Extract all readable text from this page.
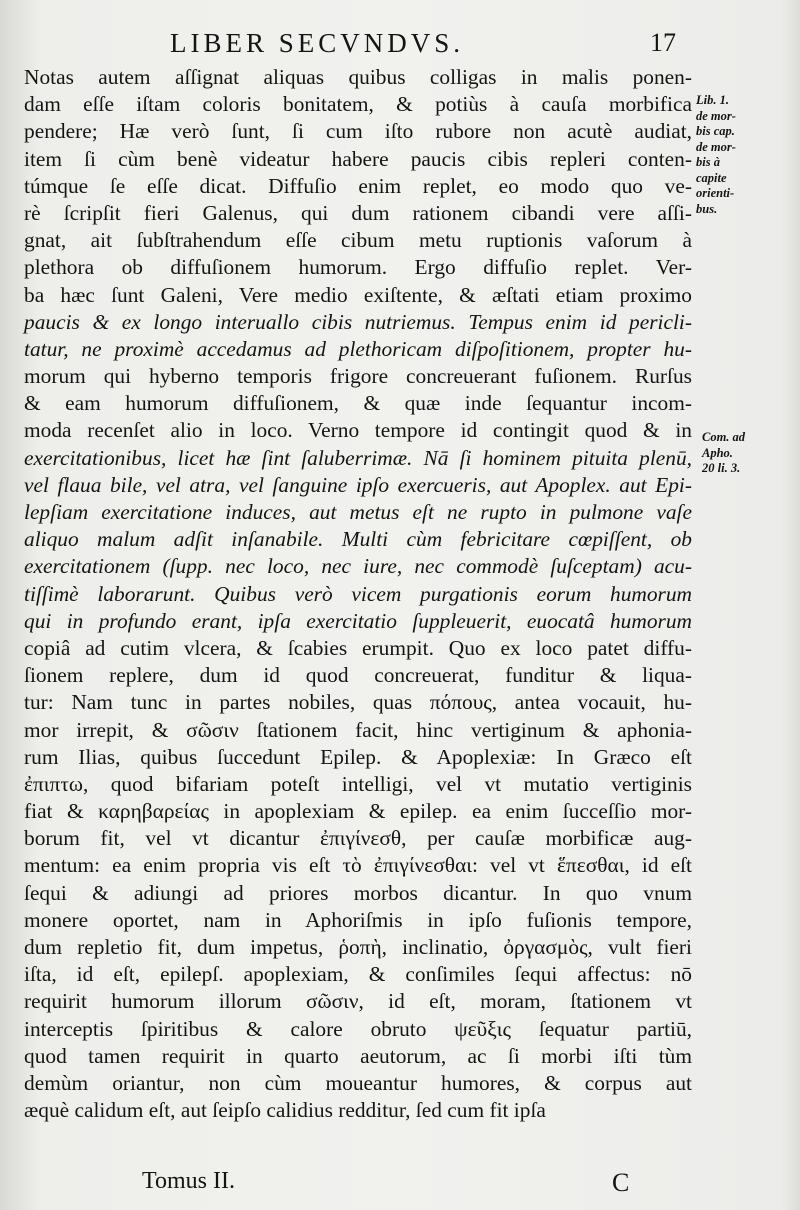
LIBER SECVNDVS.	17
Notas autem aſſignat aliquas quibus colligas in malis ponen-
dam eſſe iſtam coloris bonitatem, & potiùs à cauſa morbifica
pendere; Hæ verò ſunt, ſi cum iſto rubore non acutè audiat,
item ſi cùm benè videatur habere paucis cibis repleri conten-
túmque ſe eſſe dicat. Diffuſio enim replet, eo modo quo ve-
rè ſcripſit fieri Galenus, qui dum rationem cibandi vere aſſi-
gnat, ait ſubſtrahendum eſſe cibum metu ruptionis vaſorum à
plethora ob diffuſionem humorum. Ergo diffuſio replet. Ver-
ba hæc ſunt Galeni, Vere medio exiſtente, & æſtati etiam proximo
paucis & ex longo interuallo cibis nutriemus. Tempus enim id pericli-
tatur, ne proximè accedamus ad plethoricam diſpoſitionem, propter hu-
morum qui hyberno temporis frigore concreuerant fuſionem. Rurſus
& eam humorum diffuſionem, & quæ inde ſequantur incom-
moda recenſet alio in loco. Verno tempore id contingit quod & in
exercitationibus, licet hæ ſint ſaluberrimæ. Nā ſi hominem pituita plenū,
vel flaua bile, vel atra, vel ſanguine ipſo exercueris, aut Apoplex. aut Epi-
lepſiam exercitatione induces, aut metus eſt ne rupto in pulmone vaſe
aliquo malum adſit inſanabile. Multi cùm febricitare cœpiſſent, ob
exercitationem (ſupp. nec loco, nec iure, nec commodè ſuſceptam) acu-
tiſſimè laborarunt. Quibus verò vicem purgationis eorum humorum
qui in profundo erant, ipſa exercitatio ſuppleuerit, euocatâ humorum
copiâ ad cutim vlcera, & ſcabies erumpit. Quo ex loco patet diffu-
ſionem replere, dum id quod concreuerat, funditur & liqua-
tur: Nam tunc in partes nobiles, quas πόπους, antea vocauit, hu-
mor irrepit, & σῶσιν ſtationem facit, hinc vertiginum & aphonia-
rum Ilias, quibus ſuccedunt Epilep. & Apoplexiæ: In Græco eſt
ἐπιπτω, quod bifariam poteſt intelligi, vel vt mutatio vertiginis
fiat & καρηβαρείας in apoplexiam & epilep. ea enim ſucceſſio mor-
borum fit, vel vt dicantur ἐπιγίνεσθ, per cauſæ morbificæ aug-
mentum: ea enim propria vis eſt τὸ ἐπιγίνεσθαι: vel vt ἕπεσθαι, id eſt
ſequi & adiungi ad priores morbos dicantur. In quo vnum
monere oportet, nam in Aphoriſmis in ipſo fuſionis tempore,
dum repletio fit, dum impetus, ῥοπὴ, inclinatio, ὀργασμὸς, vult fieri
iſta, id eſt, epilepſ. apoplexiam, & conſimiles ſequi affectus: nō
requirit humorum illorum σῶσιν, id eſt, moram, ſtationem vt
interceptis ſpiritibus & calore obruto ψεῦξις ſequatur partiū,
quod tamen requirit in quarto aeutorum, ac ſi morbi iſti tùm
demùm oriantur, non cùm moueantur humores, & corpus aut
æquè calidum eſt, aut ſeipſo calidius redditur, ſed cum fit ipſa
Lib. 1.
de mor-
bis cap.
de mor-
bis à
capite
orienti-
bus.
Com. ad
Apho.
20 li. 3.
Tomus II.	C
